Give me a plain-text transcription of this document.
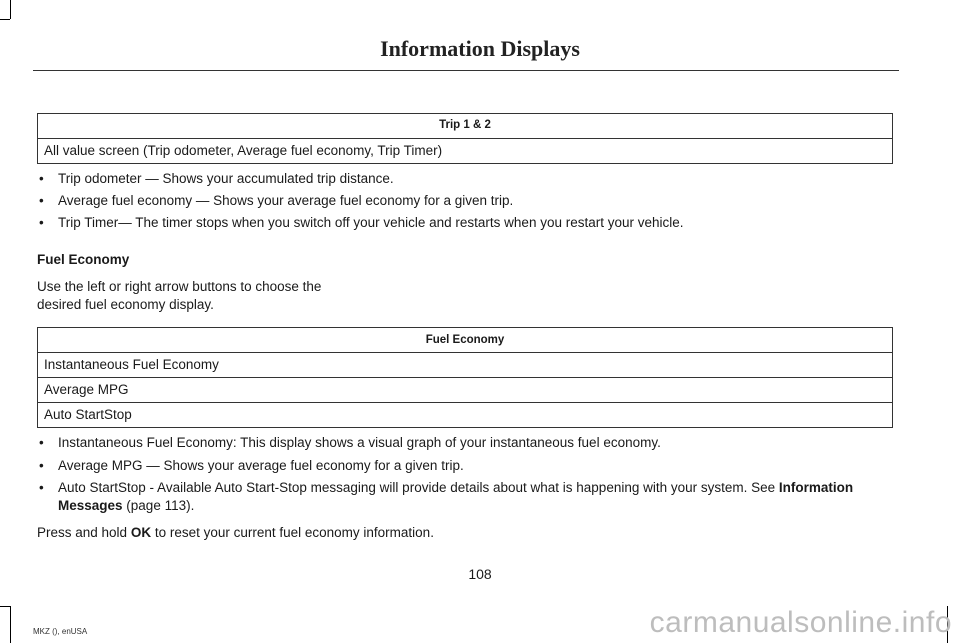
Information Displays
Trip 1 & 2
All value screen (Trip odometer, Average fuel economy, Trip Timer)
• Trip odometer — Shows your accumulated trip distance.
• Average fuel economy — Shows your average fuel economy for a given trip.
• Trip Timer— The timer stops when you switch off your vehicle and restarts when you restart your vehicle.
Fuel Economy
Use the left or right arrow buttons to choose the desired fuel economy display.
Fuel Economy
Instantaneous Fuel Economy
Average MPG
Auto StartStop
• Instantaneous Fuel Economy: This display shows a visual graph of your instantaneous fuel economy.
• Average MPG — Shows your average fuel economy for a given trip.
• Auto StartStop - Available Auto Start-Stop messaging will provide details about what is happening with your system. See Information Messages (page 113).
Press and hold OK to reset your current fuel economy information.
108
MKZ (), enUSA	carmanualsonline.info
